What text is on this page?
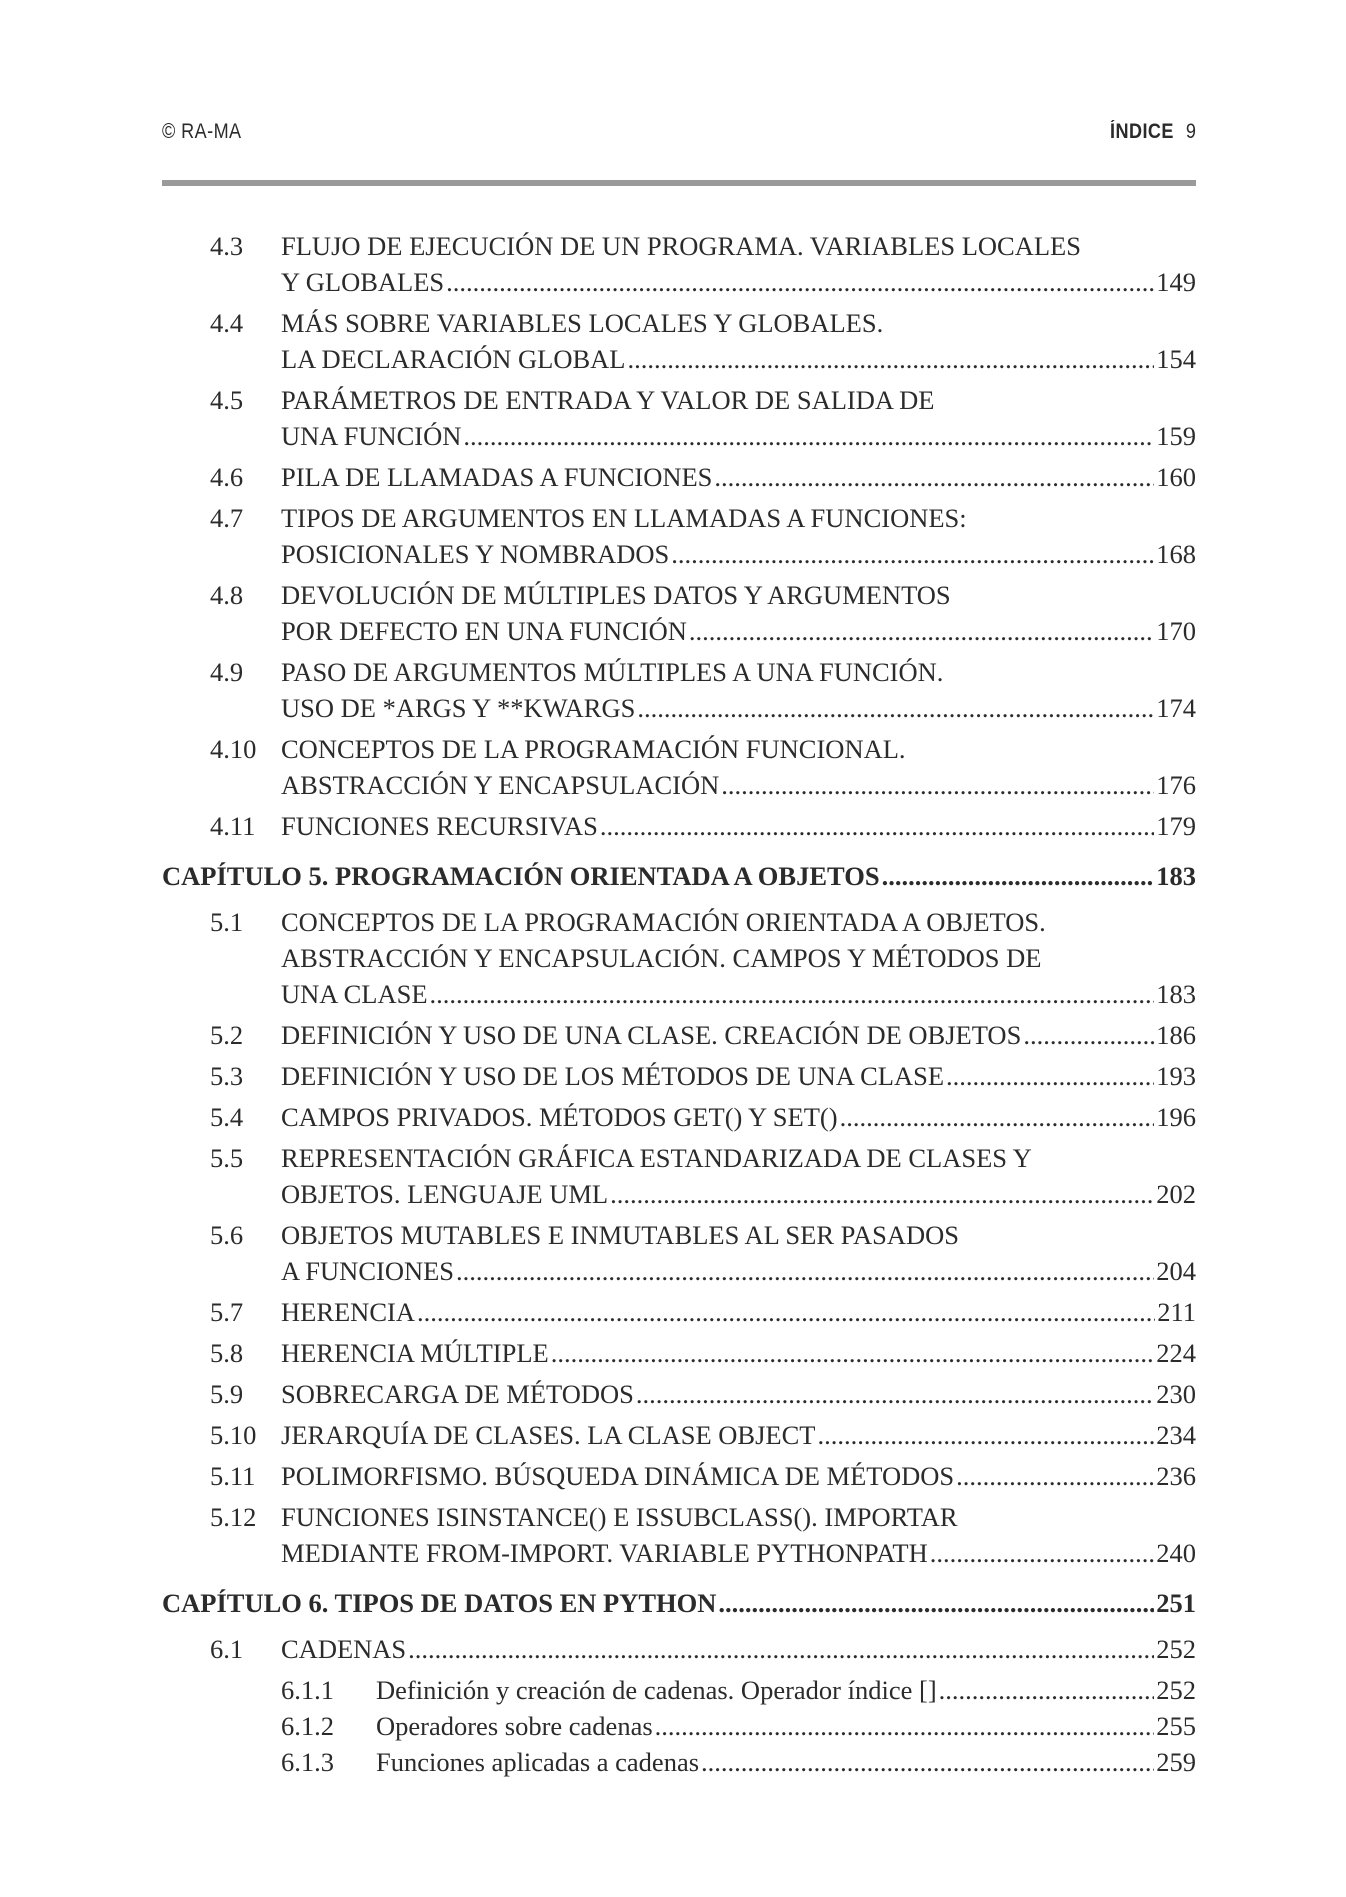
© RA-MA	ÍNDICE 9
4.3 FLUJO DE EJECUCIÓN DE UN PROGRAMA. VARIABLES LOCALES
Y GLOBALES .....	149
4.4 MÁS SOBRE VARIABLES LOCALES Y GLOBALES.
LA DECLARACIÓN GLOBAL .....	154
4.5 PARÁMETROS DE ENTRADA Y VALOR DE SALIDA DE
UNA FUNCIÓN .....	159
4.6 PILA DE LLAMADAS A FUNCIONES .....	160
4.7 TIPOS DE ARGUMENTOS EN LLAMADAS A FUNCIONES:
POSICIONALES Y NOMBRADOS .....	168
4.8 DEVOLUCIÓN DE MÚLTIPLES DATOS Y ARGUMENTOS
POR DEFECTO EN UNA FUNCIÓN .....	170
4.9 PASO DE ARGUMENTOS MÚLTIPLES A UNA FUNCIÓN.
USO DE *ARGS Y **KWARGS .....	174
4.10 CONCEPTOS DE LA PROGRAMACIÓN FUNCIONAL.
ABSTRACCIÓN Y ENCAPSULACIÓN .....	176
4.11 FUNCIONES RECURSIVAS .....	179
CAPÍTULO 5. PROGRAMACIÓN ORIENTADA A OBJETOS .....	183
5.1 CONCEPTOS DE LA PROGRAMACIÓN ORIENTADA A OBJETOS.
ABSTRACCIÓN Y ENCAPSULACIÓN. CAMPOS Y MÉTODOS DE
UNA CLASE .....	183
5.2 DEFINICIÓN Y USO DE UNA CLASE. CREACIÓN DE OBJETOS .....	186
5.3 DEFINICIÓN Y USO DE LOS MÉTODOS DE UNA CLASE .....	193
5.4 CAMPOS PRIVADOS. MÉTODOS GET() Y SET() .....	196
5.5 REPRESENTACIÓN GRÁFICA ESTANDARIZADA DE CLASES Y
OBJETOS. LENGUAJE UML .....	202
5.6 OBJETOS MUTABLES E INMUTABLES AL SER PASADOS
A FUNCIONES .....	204
5.7 HERENCIA .....	211
5.8 HERENCIA MÚLTIPLE .....	224
5.9 SOBRECARGA DE MÉTODOS .....	230
5.10 JERARQUÍA DE CLASES. LA CLASE OBJECT .....	234
5.11 POLIMORFISMO. BÚSQUEDA DINÁMICA DE MÉTODOS .....	236
5.12 FUNCIONES ISINSTANCE() E ISSUBCLASS(). IMPORTAR
MEDIANTE FROM-IMPORT. VARIABLE PYTHONPATH .....	240
CAPÍTULO 6. TIPOS DE DATOS EN PYTHON .....	251
6.1 CADENAS .....	252
6.1.1 Definición y creación de cadenas. Operador índice [] .....	252
6.1.2 Operadores sobre cadenas .....	255
6.1.3 Funciones aplicadas a cadenas .....	259
